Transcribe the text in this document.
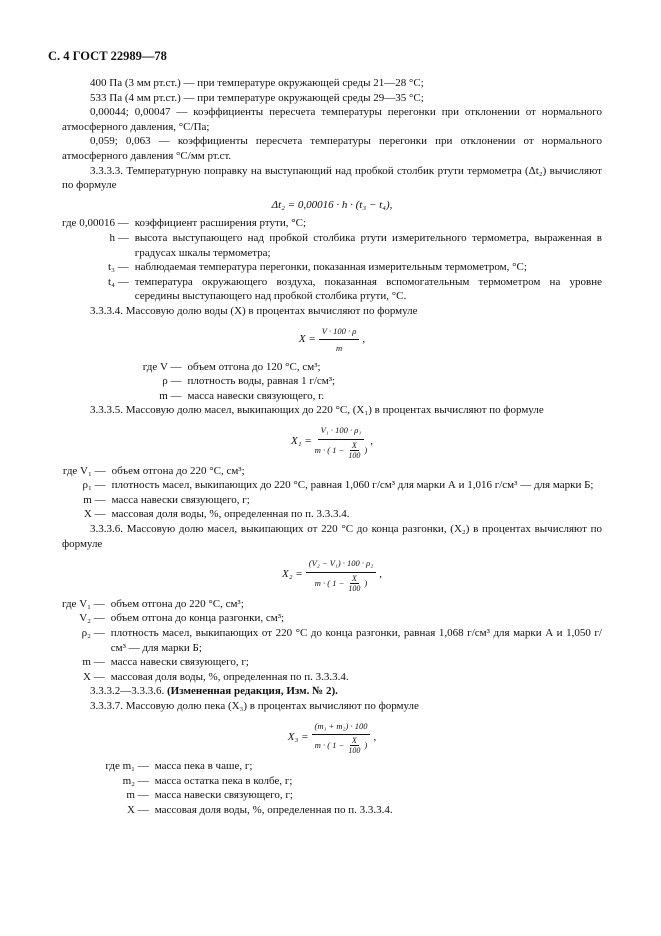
С. 4 ГОСТ 22989—78

400 Па (3 мм рт.ст.) — при температуре окружающей среды 21—28 °С;

533 Па (4 мм рт.ст.) — при температуре окружающей среды 29—35 °С;

0,00044; 0,00047 — коэффициенты пересчета температуры перегонки при отклонении от нормального атмосферного давления, °С/Па;

0,059; 0,063 — коэффициенты пересчета температуры перегонки при отклонении от нормального атмосферного давления °С/мм рт.ст.

3.3.3.3. Температурную поправку на выступающий над пробкой столбик ртути термометра (Δt₂) вычисляют по формуле

Δt₂ = 0,00016 · h · (t₃ − t₄),
где 0,00016 —	коэффициент расширения ртути, °С;
h —	высота выступающего над пробкой столбика ртути измерительного термометра, выраженная в градусах шкалы термометра;
t₃ —	наблюдаемая температура перегонки, показанная измерительным термометром, °С;
t₄ —	температура окружающего воздуха, показанная вспомогательным термометром на уровне середины выступающего над пробкой столбика ртути, °С.

3.3.3.4. Массовую долю воды (X) в процентах вычисляют по формуле

$X = \frac{V \cdot 100 \cdot \rho}{m}$ ,
где V —	объем отгона до 120 °С, см³;
ρ —	плотность воды, равная 1 г/см³;
m —	масса навески связующего, г.

3.3.3.5. Массовую долю масел, выкипающих до 220 °С, (X₁) в процентах вычисляют по формуле

X₁ =
V₁ · 100 · ρ₁
m · ( $1 - \frac{X}{100}$ )
,
где V₁ —	объем отгона до 220 °С, см³;
ρ₁ —	плотность масел, выкипающих до 220 °С, равная 1,060 г/см³ для марки А и 1,016 г/см³ — для марки Б;
m —	масса навески связующего, г;
X —	массовая доля воды, %, определенная по п. 3.3.3.4.

3.3.3.6. Массовую долю масел, выкипающих от 220 °С до конца разгонки, (X₂) в процентах вычисляют по формуле

X₂ =
(V₂ − V₁) · 100 · ρ₂
m · ( $1 - \frac{X}{100}$ )
,
где V₁ —	объем отгона до 220 °С, см³;
V₂ —	объем отгона до конца разгонки, см³;
ρ₂ —	плотность масел, выкипающих от 220 °С до конца разгонки, равная 1,068 г/см³ для марки А и 1,050 г/см³ — для марки Б;
m —	масса навески связующего, г;
X —	массовая доля воды, %, определенная по п. 3.3.3.4.

3.3.3.2—3.3.3.6. (Измененная редакция, Изм. № 2).

3.3.3.7. Массовую долю пека (X₃) в процентах вычисляют по формуле

X₃ =
(m₁ + m₂) · 100
m · ( $1 - \frac{X}{100}$ )
,
где m₁ —	масса пека в чаше, г;
m₂ —	масса остатка пека в колбе, г;
m —	масса навески связующего, г;
X —	массовая доля воды, %, определенная по п. 3.3.3.4.
